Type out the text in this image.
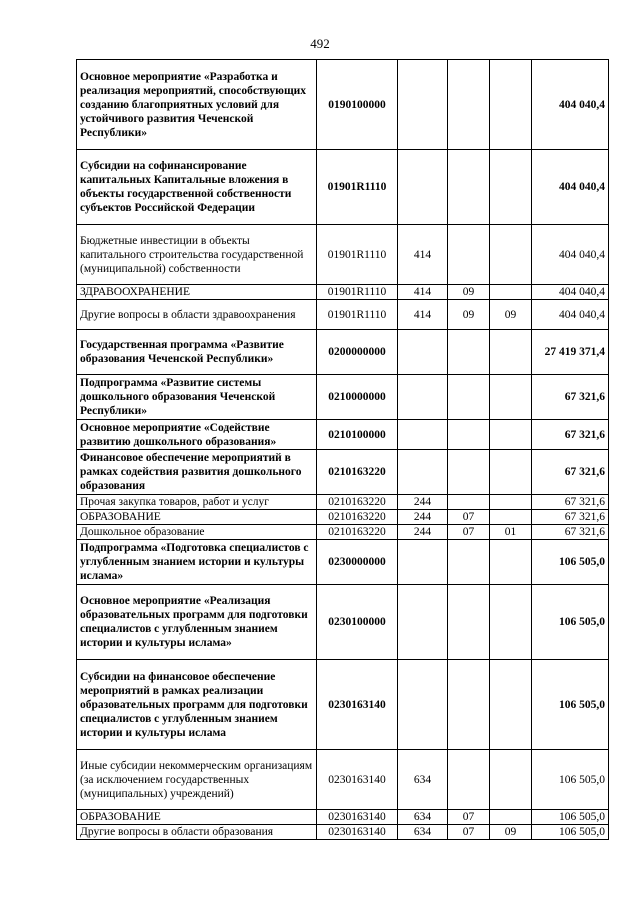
492
Основное мероприятие «Разработка и реализация мероприятий, способствующих созданию благоприятных условий для устойчивого развития Чеченской Республики»	0190100000				404 040,4
Субсидии на софинансирование капитальных Капитальные вложения в объекты государственной собственности субъектов Российской Федерации	01901R1110				404 040,4
Бюджетные инвестиции в объекты капитального строительства государственной (муниципальной) собственности	01901R1110	414			404 040,4
ЗДРАВООХРАНЕНИЕ	01901R1110	414	09		404 040,4
Другие вопросы в области здравоохранения	01901R1110	414	09	09	404 040,4
Государственная программа «Развитие образования Чеченской Республики»	0200000000				27 419 371,4
Подпрограмма «Развитие системы дошкольного образования Чеченской Республики»	0210000000				67 321,6
Основное мероприятие «Содействие развитию дошкольного образования»	0210100000				67 321,6
Финансовое обеспечение мероприятий в рамках содействия развития дошкольного образования	0210163220				67 321,6
Прочая закупка товаров, работ и услуг	0210163220	244			67 321,6
ОБРАЗОВАНИЕ	0210163220	244	07		67 321,6
Дошкольное образование	0210163220	244	07	01	67 321,6
Подпрограмма «Подготовка специалистов с углубленным знанием истории и культуры ислама»	0230000000				106 505,0
Основное мероприятие «Реализация образовательных программ для подготовки специалистов с углубленным знанием истории и культуры ислама»	0230100000				106 505,0
Субсидии на финансовое обеспечение мероприятий в рамках реализации образовательных программ для подготовки специалистов с углубленным знанием истории и культуры ислама	0230163140				106 505,0
Иные субсидии некоммерческим организациям (за исключением государственных (муниципальных) учреждений)	0230163140	634			106 505,0
ОБРАЗОВАНИЕ	0230163140	634	07		106 505,0
Другие вопросы в области образования	0230163140	634	07	09	106 505,0
